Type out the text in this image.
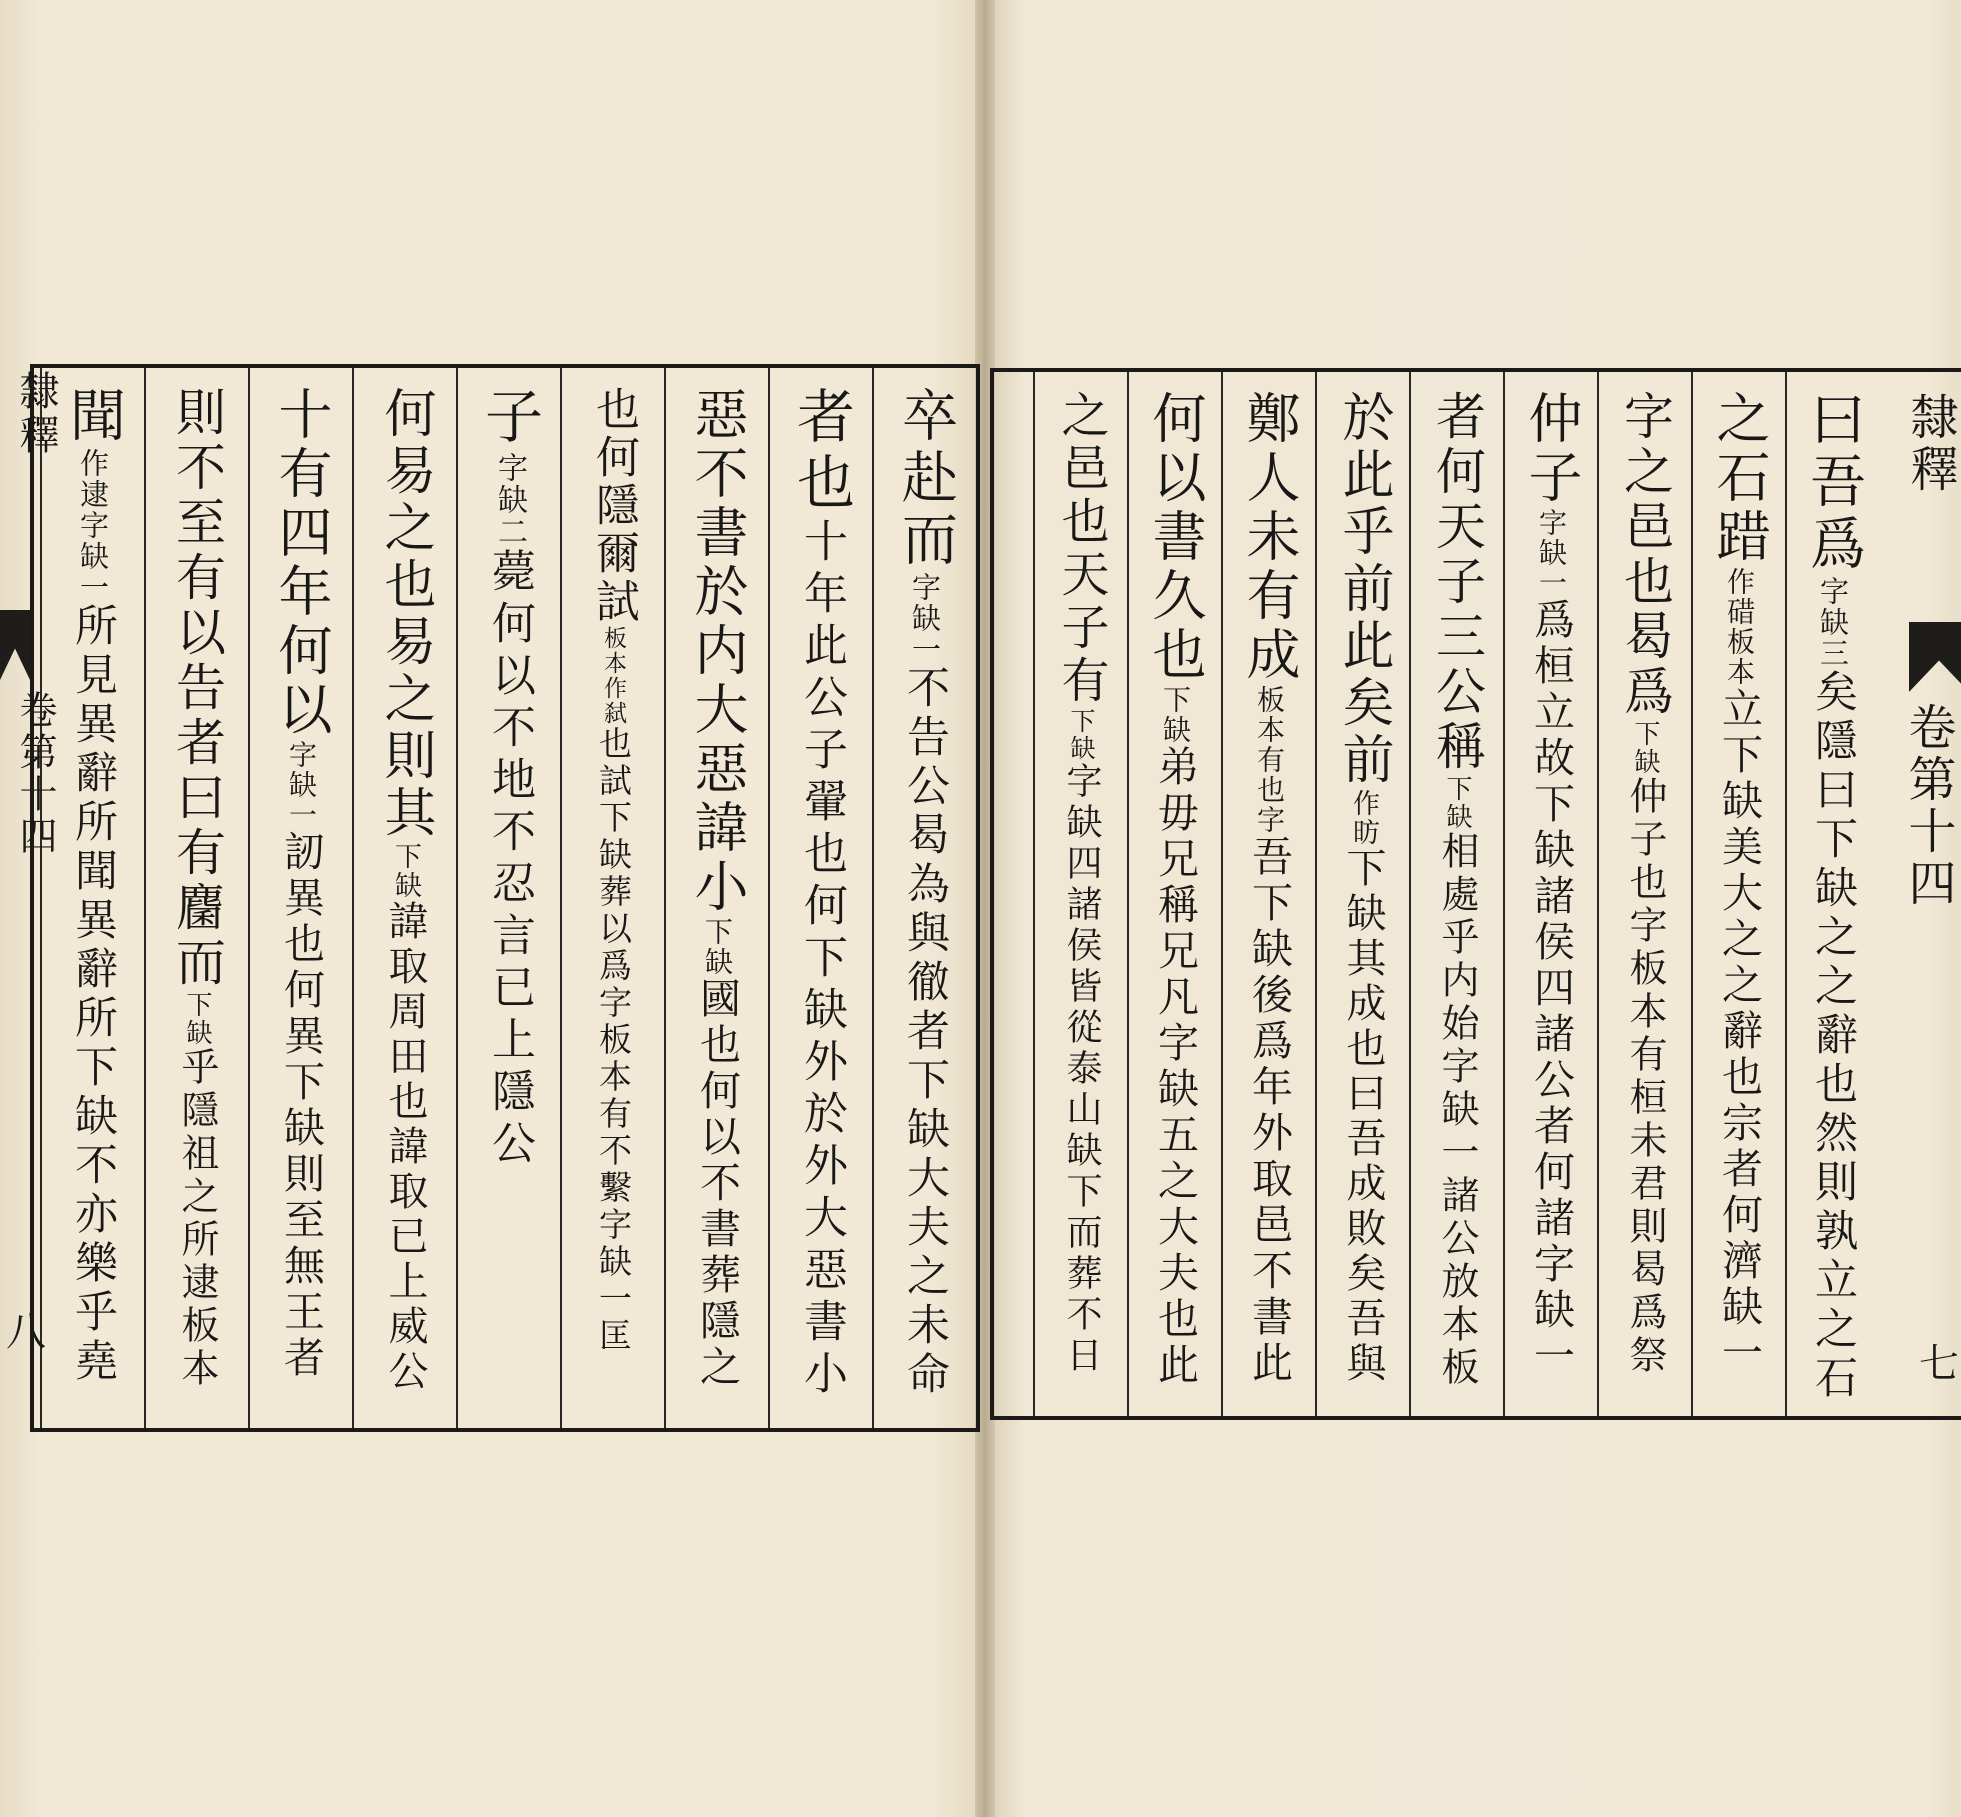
隸釋
卷第十四
七
曰吾爲字缺三矣隱曰下缺之之辭也然則孰立之石
之石踖作碏板本立下缺美大之之辭也宗者何濟缺一
字之邑也曷爲下缺仲子也字板本有桓未君則曷爲祭
仲子字缺一爲桓立故下缺諸侯四諸公者何諸字缺一
者何天子三公稱下缺相處乎内始字缺一諸公放本板
於此乎前此矣前作昉下缺其成也曰吾成敗矣吾與
鄭人未有成板本有也字吾下缺後爲年外取邑不書此
何以書久也下缺弟毋兄稱兄凡字缺五之大夫也此
之邑也天子有下缺字缺四諸侯皆從泰山缺下而葬不日
卒赴而字缺一不告公曷為與徹者下缺大夫之未命
者也十年此公子翬也何下缺外於外大惡書小
惡不書於内大惡諱小下缺國也何以不書葬隱之
也何隱爾試板本作弑也試下缺葬以爲字板本有不繫字缺一匡
子字缺二薨何以不地不忍言已上隱公
何易之也易之則其下缺諱取周田也諱取已上威公
十有四年何以字缺一訒異也何異下缺則至無王者
則不至有以告者曰有麕而下缺乎隱祖之所逮板本
聞作逮字缺一所見異辭所聞異辭所下缺不亦樂乎堯
隸釋
卷第十四
八
